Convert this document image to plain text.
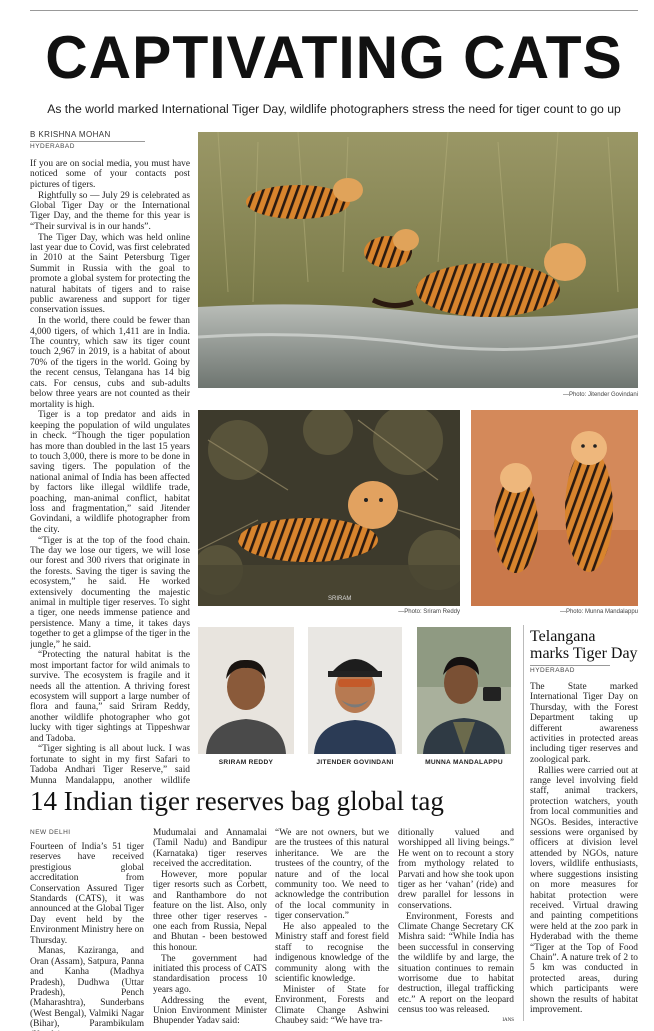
CAPTIVATING CATS
As the world marked International Tiger Day, wildlife photographers stress the need for tiger count to go up
B KRISHNA MOHAN
HYDERABAD

If you are on social media, you must have noticed some of your contacts post pictures of tigers.

Rightfully so — July 29 is celebrated as Global Tiger Day or the International Tiger Day, and the theme for this year is “Their survival is in our hands”.

The Tiger Day, which was held online last year due to Covid, was first celebrated in 2010 at the Saint Petersburg Tiger Summit in Russia with the goal to promote a global system for protecting the natural habitats of tigers and to raise public awareness and support for tiger conservation issues.

In the world, there could be fewer than 4,000 tigers, of which 1,411 are in India. The country, which saw its tiger count touch 2,967 in 2019, is a habitat of about 70% of the tigers in the world. Going by the recent census, Telangana has 14 big cats. For census, cubs and sub-adults below three years are not counted as their mortality is high.

Tiger is a top predator and aids in keeping the population of wild ungulates in check. “Though the tiger population has more than doubled in the last 15 years to touch 3,000, there is more to be done in saving tigers. The population of the national animal of India has been affected by factors like illegal wildlife trade, poaching, man-animal conflict, habitat loss and fragmentation,” said Jitender Govindani, a wildlife photographer from the city.

“Tiger is at the top of the food chain. The day we lose our tigers, we will lose our forest and 300 rivers that originate in the forests. Saving the tiger is saving the ecosystem,” he said. He worked extensively documenting the majestic animal in multiple tiger reserves. To sight a tiger, one needs immense patience and persistence. Many a time, it takes days together to get a glimpse of the tiger in the jungle,” he said.

“Protecting the natural habitat is the most important factor for wild animals to survive. The ecosystem is fragile and it needs all the attention. A thriving forest ecosystem will support a large number of flora and fauna,” said Sriram Reddy, another wildlife photographer who got lucky with tiger sightings at Tippeshwar and Tadoba.

“Tiger sighting is all about luck. I was fortunate to sight in my first Safari to Tadoba Andhari Tiger Reserve,” said Munna Mandalappu, another wildlife

—Photo: Jitender Govindani
SRIRAM
—Photo: Sriram Reddy	—Photo: Munna Mandalappu
SRIRAM REDDY	JITENDER GOVINDANI	MUNNA MANDALAPPU
Telangana marks Tiger Day
HYDERABAD

The State marked International Tiger Day on Thursday, with the Forest Department taking up different awareness activities in protected areas including tiger reserves and zoological park.

Rallies were carried out at range level involving field staff, animal trackers, protection watchers, youth from local communities and NGOs. Besides, interactive sessions were organised by officers at division level attended by NGOs, nature lovers, wildlife enthusiasts, where suggestions insisting on more measures for habitat protection were received. Virtual drawing and painting competitions were held at the zoo park in Hyderabad with the theme “Tiger at the Top of Food Chain”. A nature trek of 2 to 5 km was conducted in protected areas, during which participants were shown the results of habitat improvement.

14 Indian tiger reserves bag global tag
NEW DELHI

Fourteen of India’s 51 tiger reserves have received prestigious global accreditation from Conservation Assured Tiger Standards (CATS), it was announced at the Global Tiger Day event held by the Environment Ministry here on Thursday.

Manas, Kaziranga, and Oran (Assam), Satpura, Panna and Kanha (Madhya Pradesh), Dudhwa (Uttar Pradesh), Pench (Maharashtra), Sunderbans (West Bengal), Valmiki Nagar (Bihar), Parambikulam

Mudumalai and Annamalai (Tamil Nadu) and Bandipur (Karnataka) tiger reserves received the accreditation.

However, more popular tiger resorts such as Corbett, and Ranthambore do not feature on the list. Also, only three other tiger reserves - one each from Russia, Nepal and Bhutan - been bestowed this honour.

The government had initiated this process of CATS standardisation process 10 years ago.

Addressing the event, Union Environment Minister Bhupender Yadav said:

“We are not owners, but we are the trustees of this natural inheritance. We are the trustees of the country, of the nature and of the local community too. We need to acknowledge the contribution of the local community in tiger conservation.”

He also appealed to the Ministry staff and forest field staff to recognise the indigenous knowledge of the community along with the scientific knowledge.

Minister of State for Environment, Forests and Climate Change Ashwini Chaubey said: “We have tra-

ditionally valued and worshipped all living beings.” He went on to recount a story from mythology related to Parvati and how she took upon tiger as her ‘vahan’ (ride) and drew parallel for lessons in conservations.

Environment, Forests and Climate Change Secretary CK Mishra said: “While India has been successful in conserving the wildlife by and large, the situation continues to remain worrisome due to habitat destruction, illegal trafficking etc.” A report on the leopard census too was released.

IANS
